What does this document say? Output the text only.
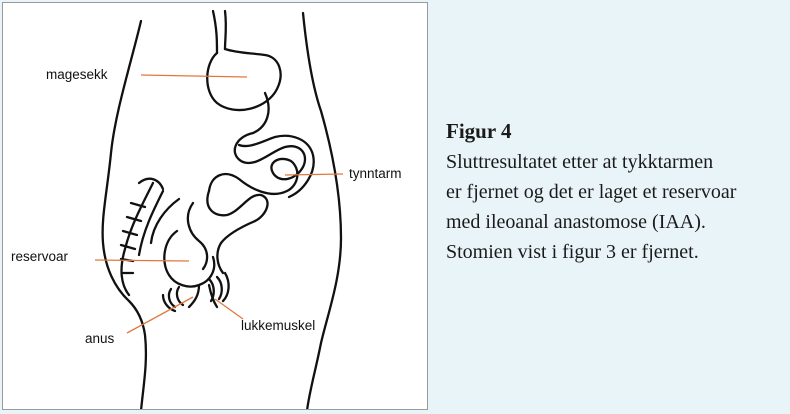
magesekk
tynntarm
reservoar
anus
lukkemuskel

Figur 4

Sluttresultatet etter at tykktarmen
er fjernet og det er laget et reservoar
med ileoanal anastomose (IAA).
Stomien vist i figur 3 er fjernet.
